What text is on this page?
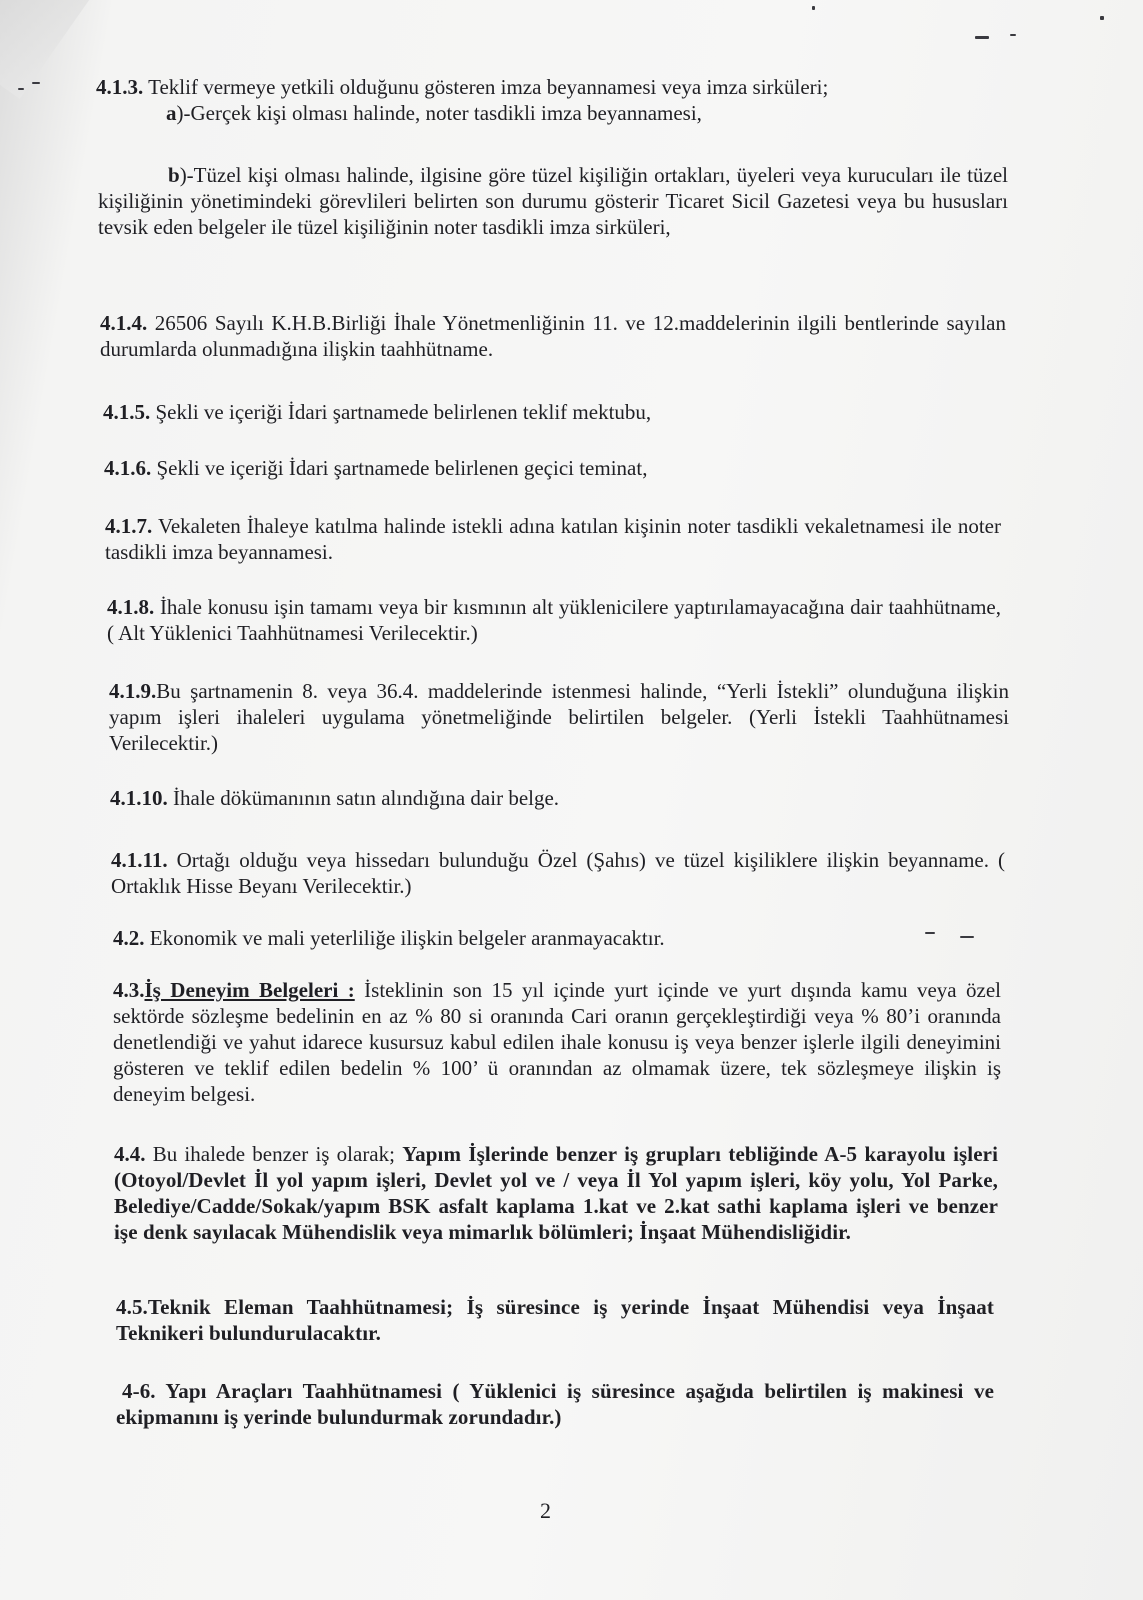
4.1.3. Teklif vermeye yetkili olduğunu gösteren imza beyannamesi veya imza sirküleri;

a)-Gerçek kişi olması halinde, noter tasdikli imza beyannamesi,

b)-Tüzel kişi olması halinde, ilgisine göre tüzel kişiliğin ortakları, üyeleri veya kurucuları ile tüzel kişiliğinin yönetimindeki görevlileri belirten son durumu gösterir Ticaret Sicil Gazetesi veya bu hususları tevsik eden belgeler ile tüzel kişiliğinin noter tasdikli imza sirküleri,

4.1.4. 26506 Sayılı K.H.B.Birliği İhale Yönetmenliğinin 11. ve 12.maddelerinin ilgili bentlerinde sayılan durumlarda olunmadığına ilişkin taahhütname.

4.1.5. Şekli ve içeriği İdari şartnamede belirlenen teklif mektubu,

4.1.6. Şekli ve içeriği İdari şartnamede belirlenen geçici teminat,

4.1.7. Vekaleten İhaleye katılma halinde istekli adına katılan kişinin noter tasdikli vekaletnamesi ile noter tasdikli imza beyannamesi.

4.1.8. İhale konusu işin tamamı veya bir kısmının alt yüklenicilere yaptırılamayacağına dair taahhütname, ( Alt Yüklenici Taahhütnamesi Verilecektir.)

4.1.9.Bu şartnamenin 8. veya 36.4. maddelerinde istenmesi halinde, “Yerli İstekli” olunduğuna ilişkin yapım işleri ihaleleri uygulama yönetmeliğinde belirtilen belgeler. (Yerli İstekli Taahhütnamesi Verilecektir.)

4.1.10. İhale dökümanının satın alındığına dair belge.

4.1.11. Ortağı olduğu veya hissedarı bulunduğu Özel (Şahıs) ve tüzel kişiliklere ilişkin beyanname. ( Ortaklık Hisse Beyanı Verilecektir.)

4.2. Ekonomik ve mali yeterliliğe ilişkin belgeler aranmayacaktır.

4.3.İş Deneyim Belgeleri : İsteklinin son 15 yıl içinde yurt içinde ve yurt dışında kamu veya özel sektörde sözleşme bedelinin en az % 80 si oranında Cari oranın gerçekleştirdiği veya % 80’i oranında denetlendiği ve yahut idarece kusursuz kabul edilen ihale konusu iş veya benzer işlerle ilgili deneyimini gösteren ve teklif edilen bedelin % 100’ ü oranından az olmamak üzere, tek sözleşmeye ilişkin iş deneyim belgesi.

4.4. Bu ihalede benzer iş olarak; Yapım İşlerinde benzer iş grupları tebliğinde A-5 karayolu işleri (Otoyol/Devlet İl yol yapım işleri, Devlet yol ve / veya İl Yol yapım işleri, köy yolu, Yol Parke, Belediye/Cadde/Sokak/yapım BSK asfalt kaplama 1.kat ve 2.kat sathi kaplama işleri ve benzer işe denk sayılacak Mühendislik veya mimarlık bölümleri; İnşaat Mühendisliğidir.

4.5.Teknik Eleman Taahhütnamesi; İş süresince iş yerinde İnşaat Mühendisi veya İnşaat Teknikeri bulundurulacaktır.

4-6. Yapı Araçları Taahhütnamesi ( Yüklenici iş süresince aşağıda belirtilen iş makinesi ve ekipmanını iş yerinde bulundurmak zorundadır.)

2
